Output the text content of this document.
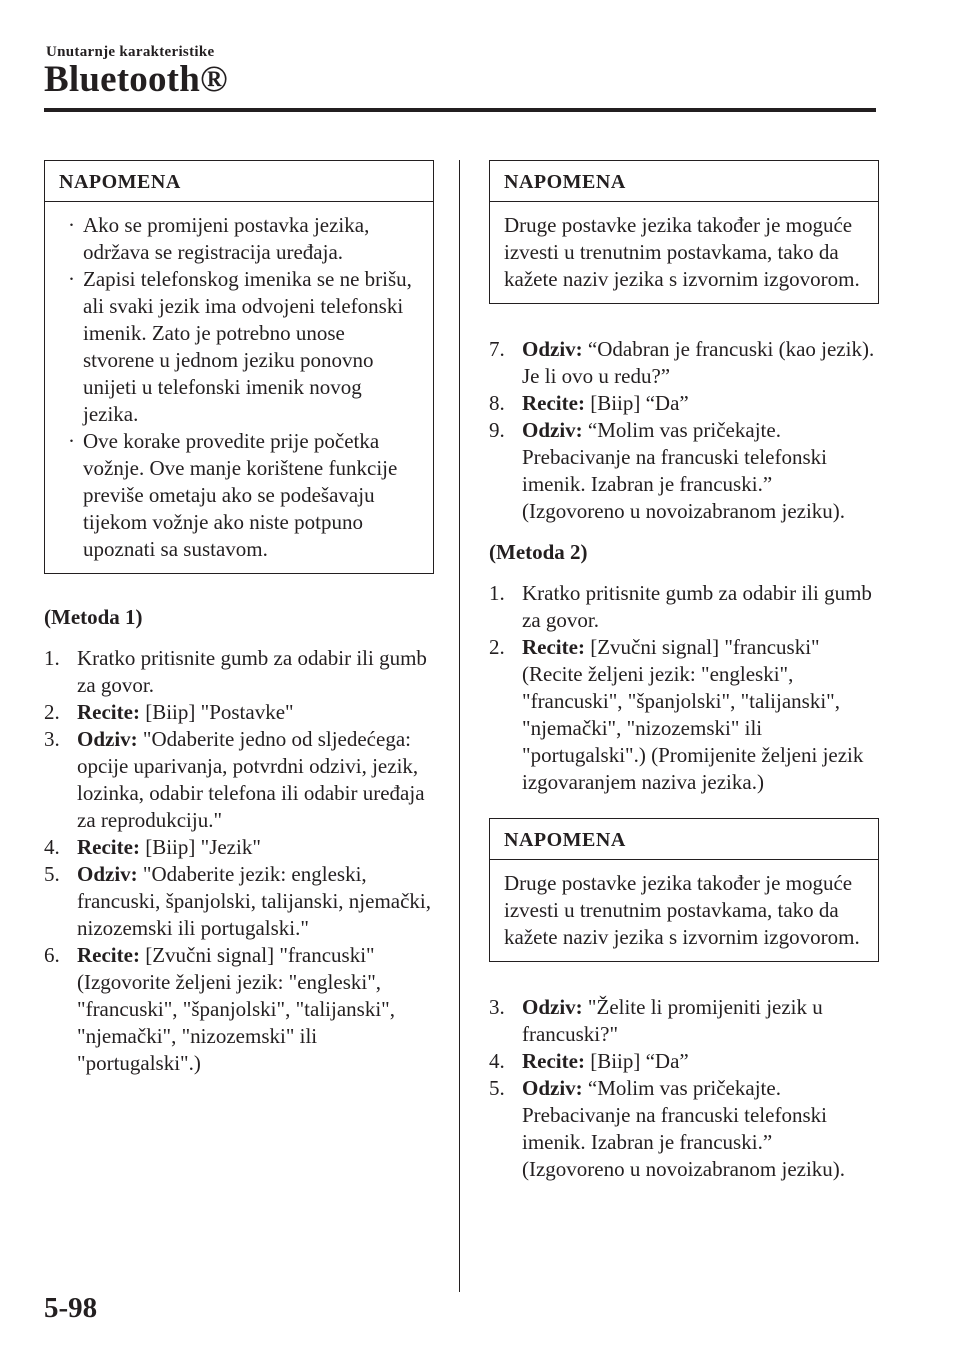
Unutarnje karakteristike
Bluetooth®
NAPOMENA

· Ako se promijeni postavka jezika, održava se registracija uređaja.

· Zapisi telefonskog imenika se ne brišu, ali svaki jezik ima odvojeni telefonski imenik. Zato je potrebno unose stvorene u jednom jeziku ponovno unijeti u telefonski imenik novog jezika.

· Ove korake provedite prije početka vožnje. Ove manje korištene funkcije previše ometaju ako se podešavaju tijekom vožnje ako niste potpuno upoznati sa sustavom.

(Metoda 1)

1. Kratko pritisnite gumb za odabir ili gumb za govor.
2. Recite: [Biip] "Postavke"
3. Odziv: "Odaberite jedno od sljedećega: opcije uparivanja, potvrdni odzivi, jezik, lozinka, odabir telefona ili odabir uređaja za reprodukciju."
4. Recite: [Biip] "Jezik"
5. Odziv: "Odaberite jezik: engleski, francuski, španjolski, talijanski, njemački, nizozemski ili portugalski."
6. Recite: [Zvučni signal] "francuski" (Izgovorite željeni jezik: "engleski", "francuski", "španjolski", "talijanski", "njemački", "nizozemski" ili "portugalski".)
NAPOMENA

Druge postavke jezika također je moguće izvesti u trenutnim postavkama, tako da kažete naziv jezika s izvornim izgovorom.

7. Odziv: “Odabran je francuski (kao jezik). Je li ovo u redu?”
8. Recite: [Biip] “Da”
9. Odziv: “Molim vas pričekajte. Prebacivanje na francuski telefonski imenik. Izabran je francuski.” (Izgovoreno u novoizabranom jeziku).

(Metoda 2)

1. Kratko pritisnite gumb za odabir ili gumb za govor.
2. Recite: [Zvučni signal] "francuski" (Recite željeni jezik: "engleski", "francuski", "španjolski", "talijanski", "njemački", "nizozemski" ili "portugalski".) (Promijenite željeni jezik izgovaranjem naziva jezika.)
NAPOMENA

Druge postavke jezika također je moguće izvesti u trenutnim postavkama, tako da kažete naziv jezika s izvornim izgovorom.

3. Odziv: "Želite li promijeniti jezik u francuski?"
4. Recite: [Biip] “Da”
5. Odziv: “Molim vas pričekajte. Prebacivanje na francuski telefonski imenik. Izabran je francuski.” (Izgovoreno u novoizabranom jeziku).
5-98
